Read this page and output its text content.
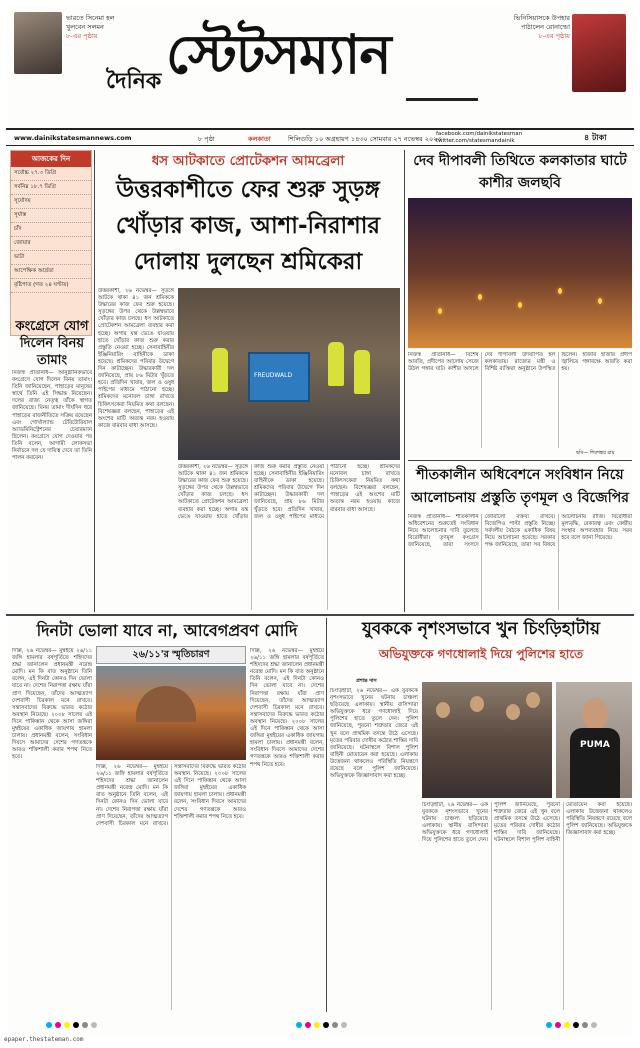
ভারতে সিনেমা হল খুলবেন সলমন
৮-এর পৃষ্ঠায়
দৈনিক স্টেটসম্যান
ভিনিসিয়াসকে উপহার পাঠালেন রোনাল্ডো
৮-এর পৃষ্ঠায়
www.dainikstatesmannews.com	৮ পৃষ্ঠা	কলকাতা	শিলিগুড়ি ১০ অগ্রহায়ণ ১৪৩০ সোমবার ২৭ নভেম্বর ২০২৩
facebook.com/dainikstatesman
twitter.com/statesmandainik	৪ টাকা
আজকের দিন
সর্বোচ্চ ২৭.৩ ডিগ্রি
সর্বনিম্ন ১৮.৭ ডিগ্রি
সূর্যোদয়
সূর্যাস্ত
চাঁদ
জোয়ার
ভাটা
আপেক্ষিক আর্দ্রতা
বৃষ্টিপাত (গত ২৪ ঘণ্টায়)
ধস আটকাতে প্রোটেকশন আমব্রেলা
উত্তরকাশীতে ফের শুরু সুড়ঙ্গ খোঁড়ার কাজ, আশা-নিরাশার দোলায় দুলছেন শ্রমিকেরা
উত্তরকাশী, ২৬ নভেম্বর— সুড়ঙ্গে আটকে থাকা ৪১ জন শ্রমিককে উদ্ধারের কাজ ফের শুরু হয়েছে। সুড়ঙ্গের উপর থেকে উল্লম্বভাবে খোঁড়ার কাজ চলছে। ধস আটকাতে প্রোটেকশন আমব্রেলা ব্যবহার করা হচ্ছে। অগার যন্ত্র ভেঙে যাওয়ায় হাতে খোঁড়ার কাজ শুরু করার প্রস্তুতি নেওয়া হচ্ছে। সেনাবাহিনীর ইঞ্জিনিয়ারিং বাহিনীকে ডাকা হয়েছে। শ্রমিকদের পরিবার উদ্বেগে দিন কাটাচ্ছেন। উদ্ধারকারী দল জানিয়েছে, প্রায় ৮৬ মিটার খুঁড়তে হবে। প্রতিদিন খাবার, জল ও ওষুধ পাইপের মাধ্যমে পাঠানো হচ্ছে। শ্রমিকদের মনোবল চাঙ্গা রাখতে চিকিৎসকেরা নিয়মিত কথা বলছেন। বিশেষজ্ঞরা বলছেন, পাহাড়ের এই অংশের মাটি অত্যন্ত নরম হওয়ায় কাজে বারবার বাধা আসছে।
FREUDWALD
উত্তরকাশী, ২৬ নভেম্বর— সুড়ঙ্গে আটকে থাকা ৪১ জন শ্রমিককে উদ্ধারের কাজ ফের শুরু হয়েছে। সুড়ঙ্গের উপর থেকে উল্লম্বভাবে খোঁড়ার কাজ চলছে। ধস আটকাতে প্রোটেকশন আমব্রেলা ব্যবহার করা হচ্ছে। অগার যন্ত্র ভেঙে যাওয়ায় হাতে খোঁড়ার কাজ শুরু করার প্রস্তুতি নেওয়া হচ্ছে। সেনাবাহিনীর ইঞ্জিনিয়ারিং বাহিনীকে ডাকা হয়েছে। শ্রমিকদের পরিবার উদ্বেগে দিন কাটাচ্ছেন। উদ্ধারকারী দল জানিয়েছে, প্রায় ৮৬ মিটার খুঁড়তে হবে। প্রতিদিন খাবার, জল ও ওষুধ পাইপের মাধ্যমে পাঠানো হচ্ছে। শ্রমিকদের মনোবল চাঙ্গা রাখতে চিকিৎসকেরা নিয়মিত কথা বলছেন। বিশেষজ্ঞরা বলছেন, পাহাড়ের এই অংশের মাটি অত্যন্ত নরম হওয়ায় কাজে বারবার বাধা আসছে।
কংগ্রেসে যোগ দিলেন বিনয় তামাং
নিজস্ব প্রতিনিধি— আনুষ্ঠানিকভাবে কংগ্রেসে যোগ দিলেন বিনয় তামাং। তিনি জানিয়েছেন, পাহাড়ের মানুষের স্বার্থে তিনি এই সিদ্ধান্ত নিয়েছেন। দলের রাজ্য নেতৃত্ব তাঁকে স্বাগত জানিয়েছে। বিনয় তামাং দীর্ঘদিন ধরে পাহাড়ের রাজনীতিতে সক্রিয় রয়েছেন এবং গোর্খাল্যান্ড টেরিটোরিয়াল অ্যাডমিনিস্ট্রেশনের চেয়ারম্যান ছিলেন। কংগ্রেসে যোগ দেওয়ার পর তিনি বলেন, আগামী লোকসভা নির্বাচনে দল যে দায়িত্ব দেবে তা তিনি পালন করবেন।
দেব দীপাবলী তিথিতে কলকাতার ঘাটে কাশীর জলছবি
নিজস্ব প্রতিনিধি— বিশেষ আরতি, প্রদীপের আলোয় সেজে উঠল গঙ্গার ঘাট। কাশীর আদলে দেব দীপাবলী উদযাপিত হল কলকাতায়। রাজ্যের মন্ত্রী ও বিশিষ্ট ব্যক্তিরা অনুষ্ঠানে উপস্থিত ছিলেন। হাজার হাজার প্রদীপ জ্বালিয়ে গঙ্গাবক্ষে আরতি করা হয়।
ছবি— শিবশঙ্কর রায়
শীতকালীন অধিবেশনে সংবিধান নিয়ে আলোচনায় প্রস্তুতি তৃণমূল ও বিজেপির
নিজস্ব প্রতিনিধি— শীতকালীন অধিবেশনের শুরুতেই সংবিধান নিয়ে আলোচনার দাবি তুলেছে বিরোধীরা। তৃণমূল কংগ্রেস জানিয়েছে, তারা সংসদে জোরালো বক্তব্য রাখবে। বিজেপিও পাল্টা প্রস্তুতি নিচ্ছে। সর্বদলীয় বৈঠকে একাধিক বিষয় নিয়ে আলোচনা হয়েছে। সরকার পক্ষ জানিয়েছে, তারা সব বিষয়ে আলোচনায় রাজি। বিরোধীরা মূল্যবৃদ্ধি, বেকারত্ব এবং কেন্দ্রীয় সংস্থার অপব্যবহার নিয়ে সরব হবে বলে জানা গিয়েছে।
দিনটা ভোলা যাবে না, আবেগপ্রবণ মোদি
দিল্লি, ২৬ নভেম্বর— মুম্বইয়ে ২৬/১১ জঙ্গি হামলার বর্ষপূর্তিতে শহিদদের শ্রদ্ধা জানালেন প্রধানমন্ত্রী নরেন্দ্র মোদি। মন কি বাত অনুষ্ঠানে তিনি বলেন, এই দিনটা কোনও দিন ভোলা যাবে না। দেশের নিরাপত্তা রক্ষায় যাঁরা প্রাণ দিয়েছেন, তাঁদের আত্মত্যাগ দেশবাসী চিরকাল মনে রাখবে। সন্ত্রাসবাদের বিরুদ্ধে ভারত কঠোর অবস্থান নিয়েছে। ২০০৮ সালের এই দিনে পাকিস্তান থেকে আসা জঙ্গিরা মুম্বইয়ের একাধিক জায়গায় হামলা চালায়। প্রধানমন্ত্রী বলেন, সংবিধান দিবসে আমাদের দেশের গণতন্ত্রকে আরও শক্তিশালী করার শপথ নিতে হবে।
২৬/১১'র স্মৃতিচারণ
দিল্লি, ২৬ নভেম্বর— মুম্বইয়ে ২৬/১১ জঙ্গি হামলার বর্ষপূর্তিতে শহিদদের শ্রদ্ধা জানালেন প্রধানমন্ত্রী নরেন্দ্র মোদি। মন কি বাত অনুষ্ঠানে তিনি বলেন, এই দিনটা কোনও দিন ভোলা যাবে না। দেশের নিরাপত্তা রক্ষায় যাঁরা প্রাণ দিয়েছেন, তাঁদের আত্মত্যাগ দেশবাসী চিরকাল মনে রাখবে। সন্ত্রাসবাদের বিরুদ্ধে ভারত কঠোর অবস্থান নিয়েছে। ২০০৮ সালের এই দিনে পাকিস্তান থেকে আসা জঙ্গিরা মুম্বইয়ের একাধিক জায়গায় হামলা চালায়। প্রধানমন্ত্রী বলেন, সংবিধান দিবসে আমাদের দেশের গণতন্ত্রকে আরও শক্তিশালী করার শপথ নিতে হবে।
দিল্লি, ২৬ নভেম্বর— মুম্বইয়ে ২৬/১১ জঙ্গি হামলার বর্ষপূর্তিতে শহিদদের শ্রদ্ধা জানালেন প্রধানমন্ত্রী নরেন্দ্র মোদি। মন কি বাত অনুষ্ঠানে তিনি বলেন, এই দিনটা কোনও দিন ভোলা যাবে না। দেশের নিরাপত্তা রক্ষায় যাঁরা প্রাণ দিয়েছেন, তাঁদের আত্মত্যাগ দেশবাসী চিরকাল মনে রাখবে। সন্ত্রাসবাদের বিরুদ্ধে ভারত কঠোর অবস্থান নিয়েছে। ২০০৮ সালের এই দিনে পাকিস্তান থেকে আসা জঙ্গিরা মুম্বইয়ের একাধিক জায়গায় হামলা চালায়। প্রধানমন্ত্রী বলেন, সংবিধান দিবসে আমাদের দেশের গণতন্ত্রকে আরও শক্তিশালী করার শপথ নিতে হবে।
যুবককে নৃশংসভাবে খুন চিংড়িহাটায়
অভিযুক্তকে গণধোলাই দিয়ে পুলিশের হাতে
প্রশান্ত দাস
চিংড়িহাটা, ২৬ নভেম্বর— এক যুবককে নৃশংসভাবে খুনের ঘটনায় চাঞ্চল্য ছড়িয়েছে এলাকায়। স্থানীয় বাসিন্দারা অভিযুক্তকে ধরে গণধোলাই দিয়ে পুলিশের হাতে তুলে দেন। পুলিশ জানিয়েছে, পুরনো শত্রুতার জেরে এই খুন বলে প্রাথমিক তদন্তে উঠে এসেছে। মৃতের পরিবার দোষীর কঠোর শাস্তির দাবি জানিয়েছে। ঘটনাস্থলে বিশাল পুলিশ বাহিনী মোতায়েন করা হয়েছে। এলাকায় উত্তেজনা থাকলেও পরিস্থিতি নিয়ন্ত্রণে রয়েছে বলে পুলিশ জানিয়েছে। অভিযুক্তকে জিজ্ঞাসাবাদ করা হচ্ছে।
PUMA
চিংড়িহাটা, ২৬ নভেম্বর— এক যুবককে নৃশংসভাবে খুনের ঘটনায় চাঞ্চল্য ছড়িয়েছে এলাকায়। স্থানীয় বাসিন্দারা অভিযুক্তকে ধরে গণধোলাই দিয়ে পুলিশের হাতে তুলে দেন। পুলিশ জানিয়েছে, পুরনো শত্রুতার জেরে এই খুন বলে প্রাথমিক তদন্তে উঠে এসেছে। মৃতের পরিবার দোষীর কঠোর শাস্তির দাবি জানিয়েছে। ঘটনাস্থলে বিশাল পুলিশ বাহিনী মোতায়েন করা হয়েছে। এলাকায় উত্তেজনা থাকলেও পরিস্থিতি নিয়ন্ত্রণে রয়েছে বলে পুলিশ জানিয়েছে। অভিযুক্তকে জিজ্ঞাসাবাদ করা হচ্ছে।
epaper.thestateman.com
